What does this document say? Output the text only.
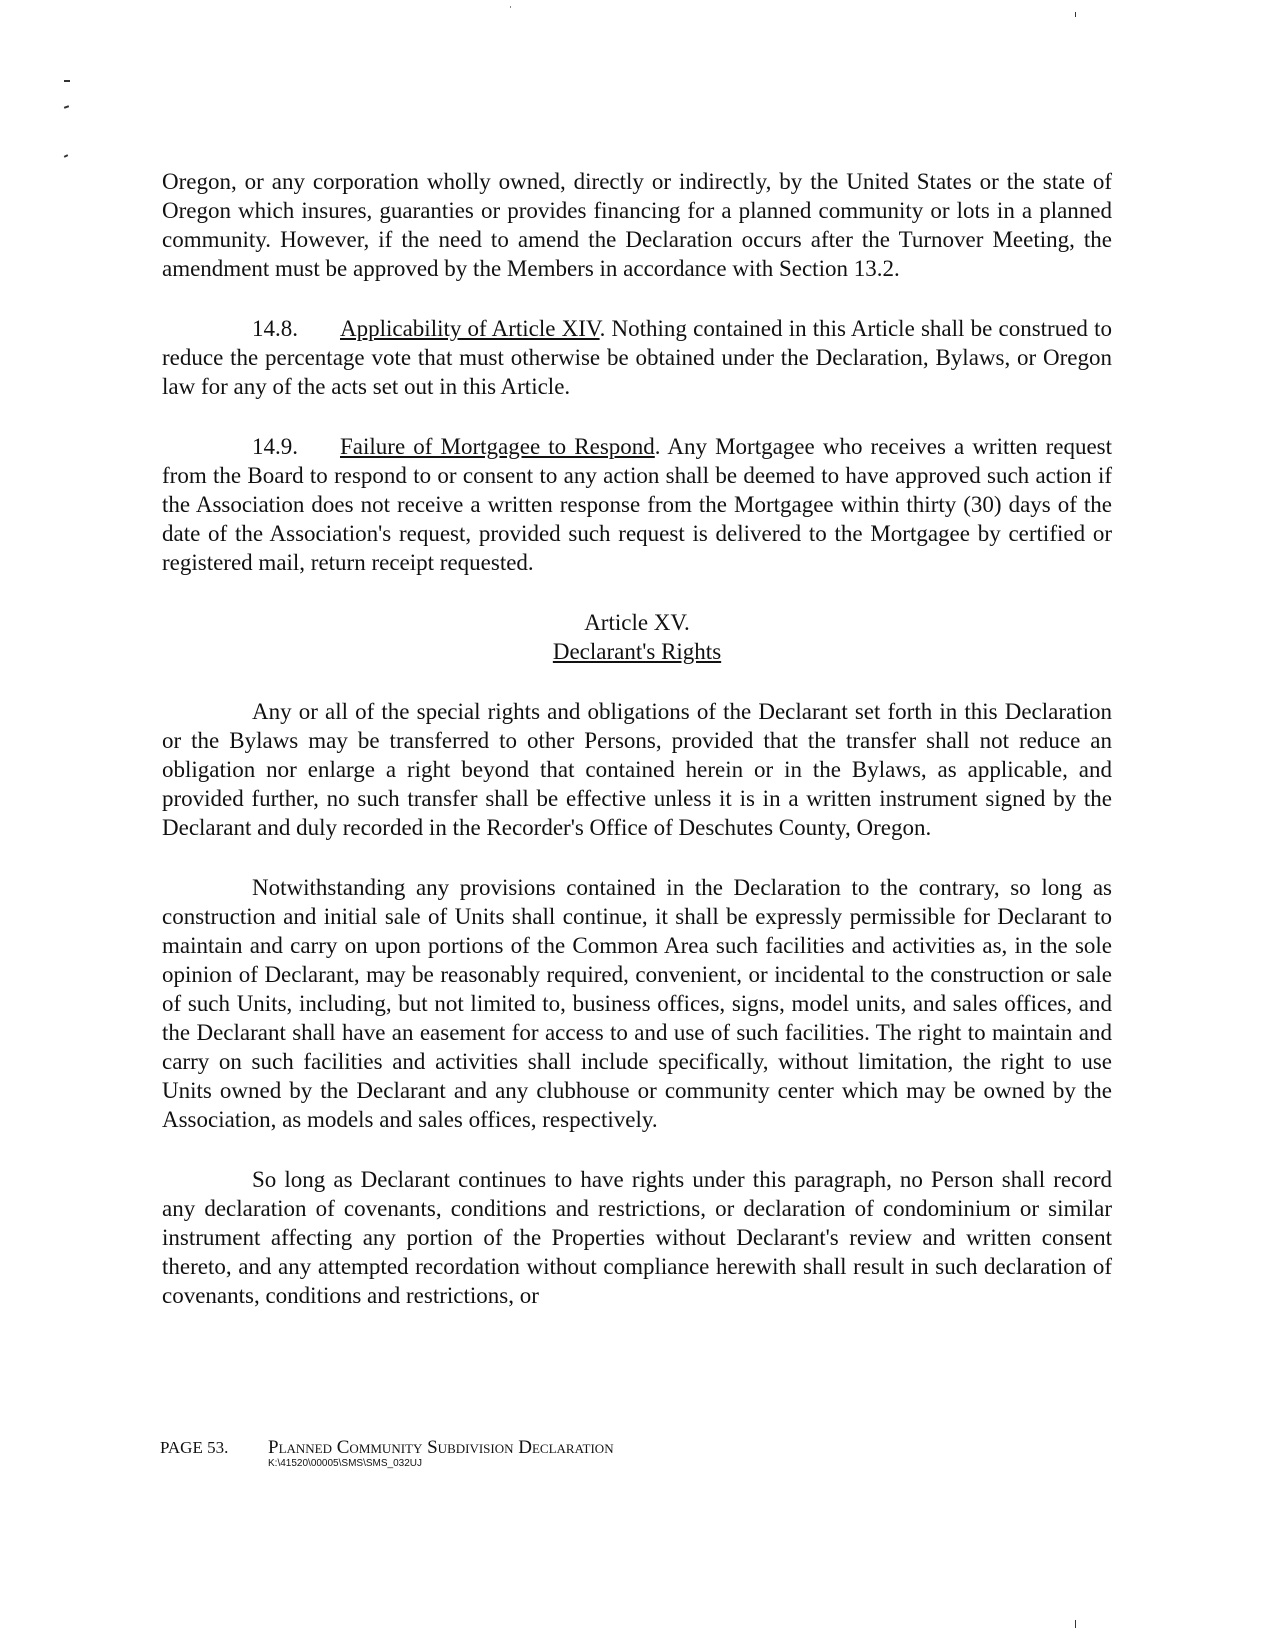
Oregon, or any corporation wholly owned, directly or indirectly, by the United States or the state of Oregon which insures, guaranties or provides financing for a planned community or lots in a planned community. However, if the need to amend the Declaration occurs after the Turnover Meeting, the amendment must be approved by the Members in accordance with Section 13.2.

14.8. Applicability of Article XIV. Nothing contained in this Article shall be construed to reduce the percentage vote that must otherwise be obtained under the Declaration, Bylaws, or Oregon law for any of the acts set out in this Article.

14.9. Failure of Mortgagee to Respond. Any Mortgagee who receives a written request from the Board to respond to or consent to any action shall be deemed to have approved such action if the Association does not receive a written response from the Mortgagee within thirty (30) days of the date of the Association's request, provided such request is delivered to the Mortgagee by certified or registered mail, return receipt requested.

Article XV.
Declarant's Rights

Any or all of the special rights and obligations of the Declarant set forth in this Declaration or the Bylaws may be transferred to other Persons, provided that the transfer shall not reduce an obligation nor enlarge a right beyond that contained herein or in the Bylaws, as applicable, and provided further, no such transfer shall be effective unless it is in a written instrument signed by the Declarant and duly recorded in the Recorder's Office of Deschutes County, Oregon.

Notwithstanding any provisions contained in the Declaration to the contrary, so long as construction and initial sale of Units shall continue, it shall be expressly permissible for Declarant to maintain and carry on upon portions of the Common Area such facilities and activities as, in the sole opinion of Declarant, may be reasonably required, convenient, or incidental to the construction or sale of such Units, including, but not limited to, business offices, signs, model units, and sales offices, and the Declarant shall have an easement for access to and use of such facilities. The right to maintain and carry on such facilities and activities shall include specifically, without limitation, the right to use Units owned by the Declarant and any clubhouse or community center which may be owned by the Association, as models and sales offices, respectively.

So long as Declarant continues to have rights under this paragraph, no Person shall record any declaration of covenants, conditions and restrictions, or declaration of condominium or similar instrument affecting any portion of the Properties without Declarant's review and written consent thereto, and any attempted recordation without compliance herewith shall result in such declaration of covenants, conditions and restrictions, or

PAGE 53. Planned Community Subdivision Declaration
K:\41520\00005\SMS\SMS_032UJ
